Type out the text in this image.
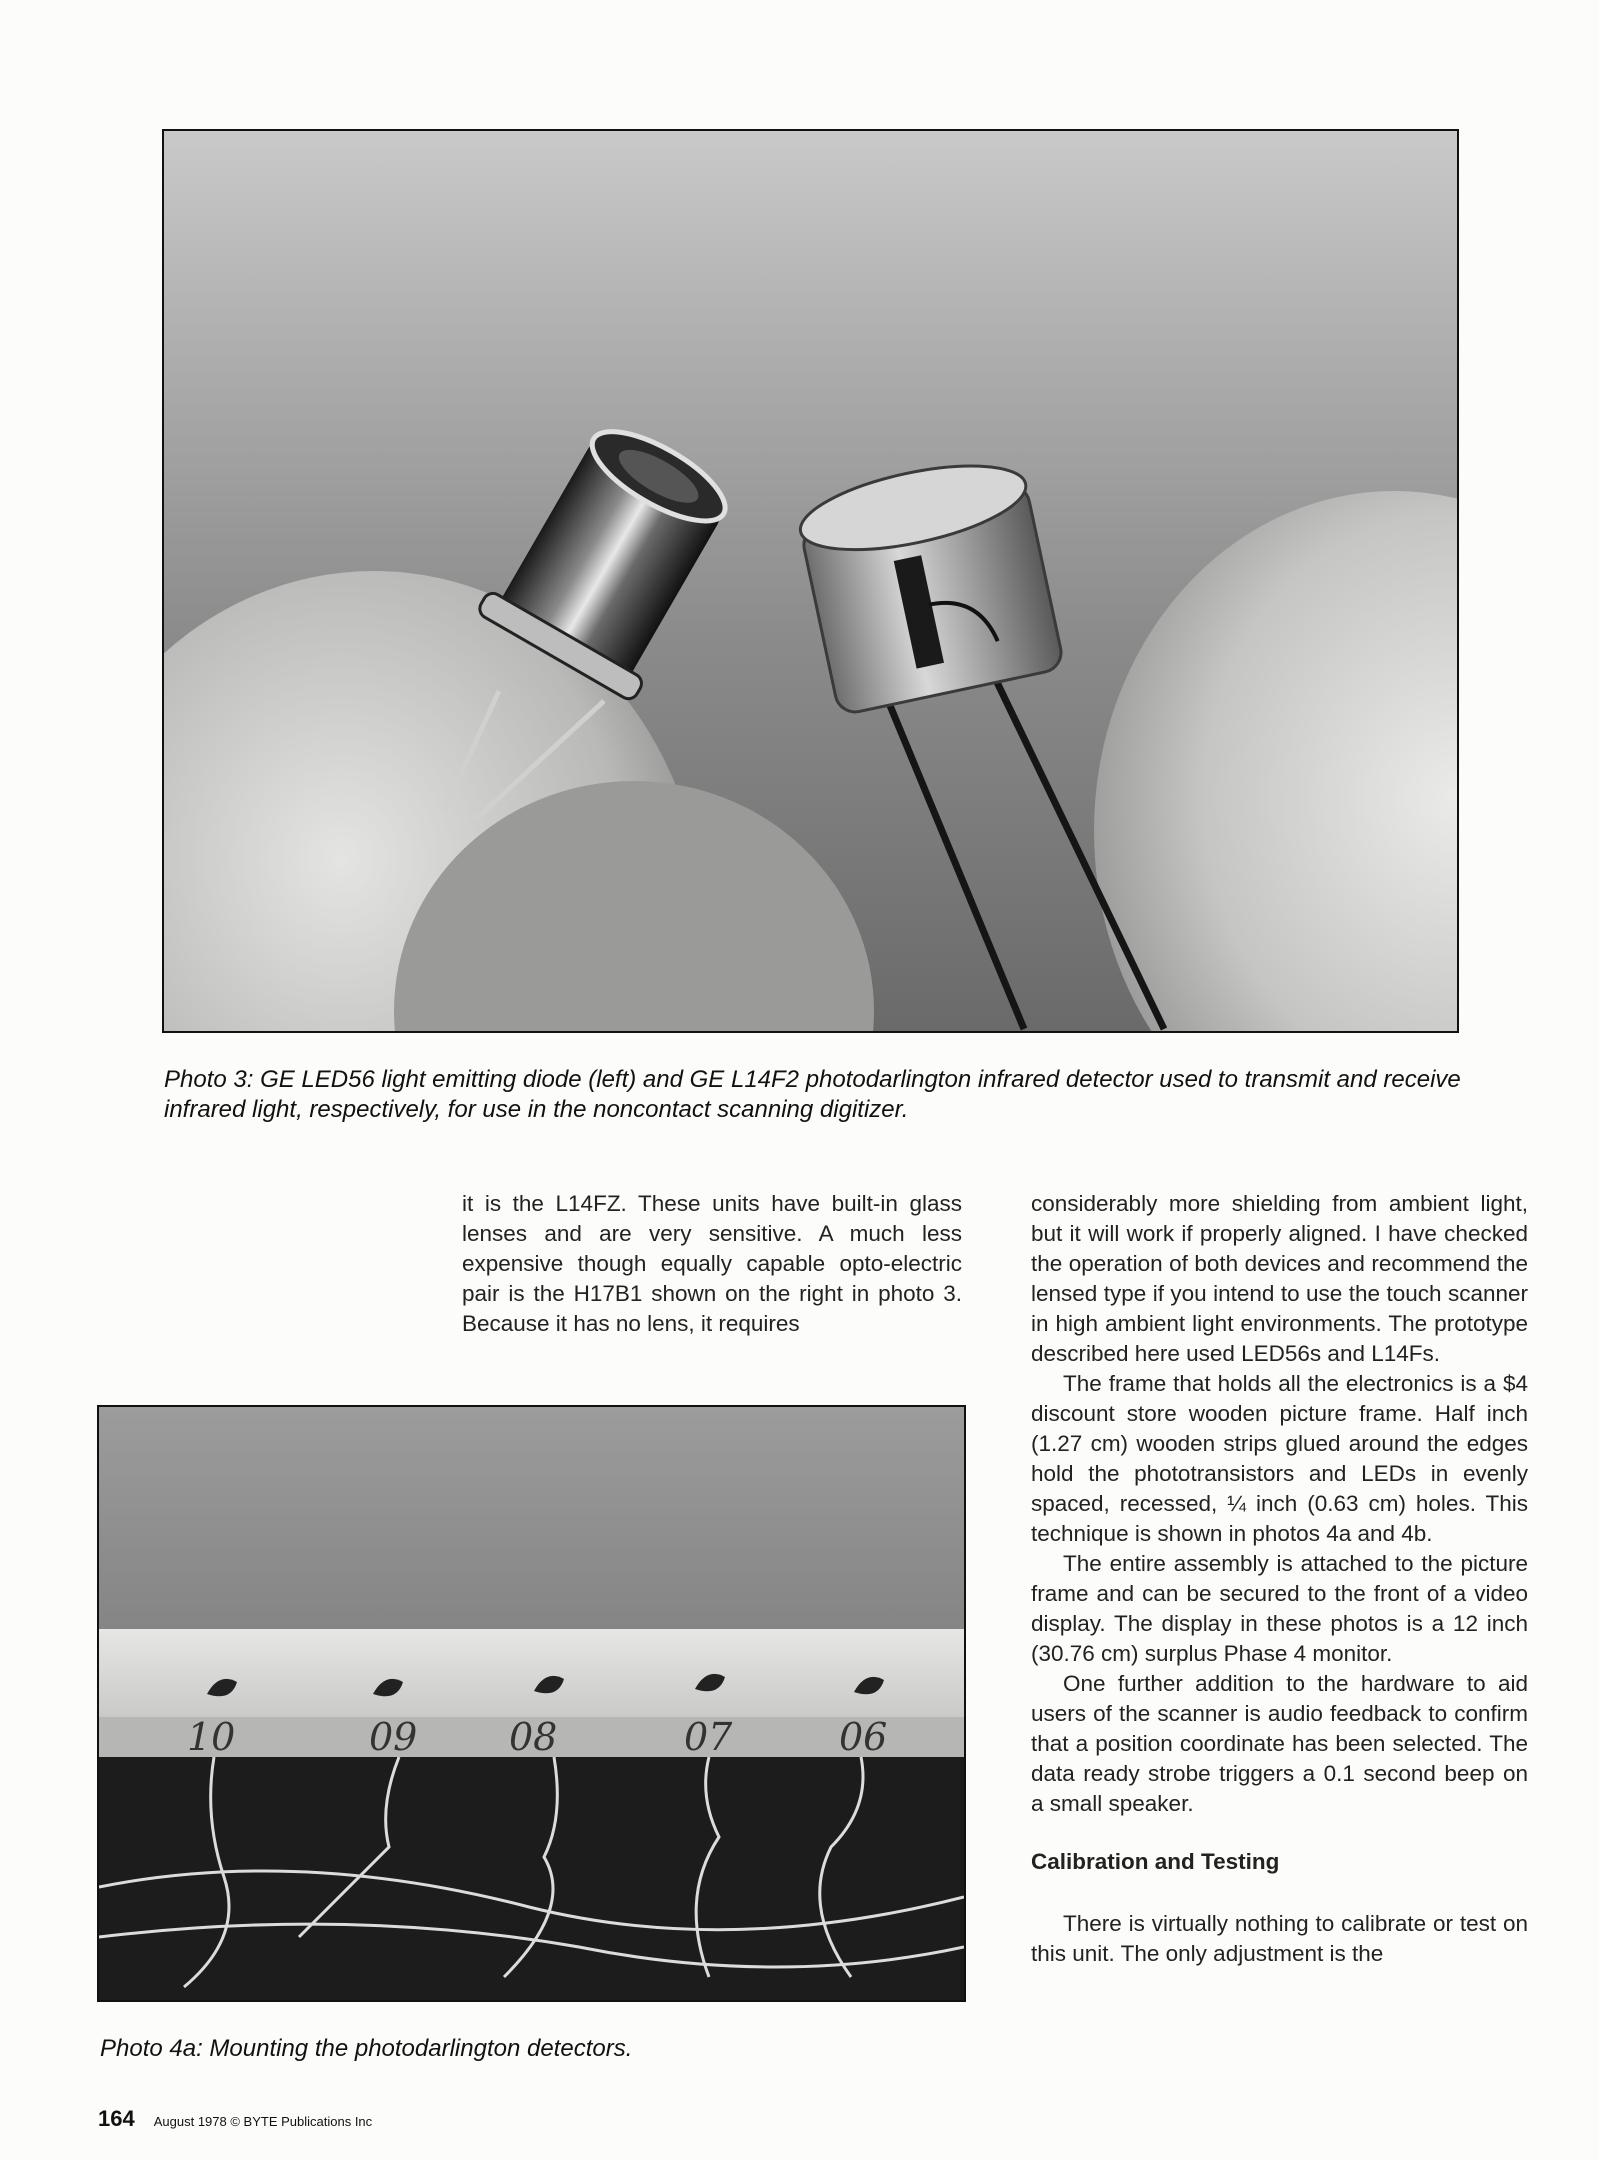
Photo 3: GE LED56 light emitting diode (left) and GE L14F2 photodarlington infrared detector used to transmit and receive infrared light, respectively, for use in the noncontact scanning digitizer.

it is the L14FZ. These units have built-in glass lenses and are very sensitive. A much less expensive though equally capable opto-electric pair is the H17B1 shown on the right in photo 3. Because it has no lens, it requires

10	09 08	07	06
Photo 4a: Mounting the photodarlington detectors.

considerably more shielding from ambient light, but it will work if properly aligned. I have checked the operation of both devices and recommend the lensed type if you intend to use the touch scanner in high ambient light environments. The prototype described here used LED56s and L14Fs.

The frame that holds all the electronics is a $4 discount store wooden picture frame. Half inch (1.27 cm) wooden strips glued around the edges hold the phototransistors and LEDs in evenly spaced, recessed, ¼ inch (0.63 cm) holes. This technique is shown in photos 4a and 4b.

The entire assembly is attached to the picture frame and can be secured to the front of a video display. The display in these photos is a 12 inch (30.76 cm) surplus Phase 4 monitor.

One further addition to the hardware to aid users of the scanner is audio feedback to confirm that a position coordinate has been selected. The data ready strobe triggers a 0.1 second beep on a small speaker.

Calibration and Testing

There is virtually nothing to calibrate or test on this unit. The only adjustment is the

164 August 1978 © BYTE Publications Inc
